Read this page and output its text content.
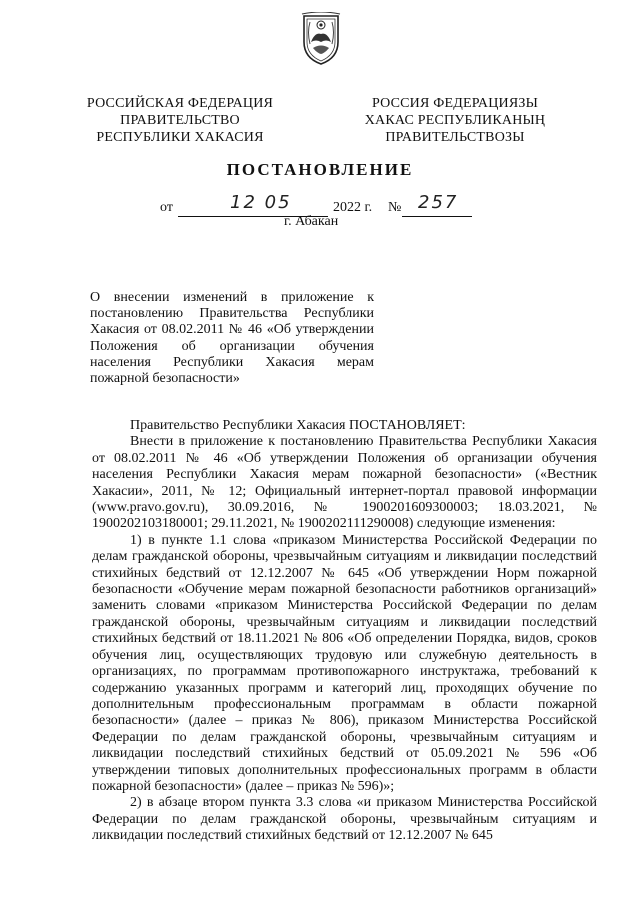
РОССИЙСКАЯ ФЕДЕРАЦИЯ
ПРАВИТЕЛЬСТВО
РЕСПУБЛИКИ ХАКАСИЯ
РОССИЯ ФЕДЕРАЦИЯЗЫ
ХАКАС РЕСПУБЛИКАНЫҢ
ПРАВИТЕЛЬСТВОЗЫ
ПОСТАНОВЛЕНИЕ
от	12 05	2022 г. № 257
г. Абакан
О внесении изменений в приложение к постановлению Правительства Республики Хакасия от 08.02.2011 № 46 «Об утверждении Положения об организации обучения населения Республики Хакасия мерам пожарной безопасности»

Правительство Республики Хакасия ПОСТАНОВЛЯЕТ:

Внести в приложение к постановлению Правительства Республики Хакасия от 08.02.2011 № 46 «Об утверждении Положения об организации обучения населения Республики Хакасия мерам пожарной безопасности» («Вестник Хакасии», 2011, № 12; Официальный интернет-портал правовой информации (www.pravo.gov.ru), 30.09.2016, № 1900201609300003; 18.03.2021, № 1900202103180001; 29.11.2021, № 1900202111290008) следующие изменения:

1) в пункте 1.1 слова «приказом Министерства Российской Федерации по делам гражданской обороны, чрезвычайным ситуациям и ликвидации последствий стихийных бедствий от 12.12.2007 № 645 «Об утверждении Норм пожарной безопасности «Обучение мерам пожарной безопасности работников организаций» заменить словами «приказом Министерства Российской Федерации по делам гражданской обороны, чрезвычайным ситуациям и ликвидации последствий стихийных бедствий от 18.11.2021 № 806 «Об определении Порядка, видов, сроков обучения лиц, осуществляющих трудовую или служебную деятельность в организациях, по программам противопожарного инструктажа, требований к содержанию указанных программ и категорий лиц, проходящих обучение по дополнительным профессиональным программам в области пожарной безопасности» (далее – приказ № 806), приказом Министерства Российской Федерации по делам гражданской обороны, чрезвычайным ситуациям и ликвидации последствий стихийных бедствий от 05.09.2021 № 596 «Об утверждении типовых дополнительных профессиональных программ в области пожарной безопасности» (далее – приказ № 596)»;

2) в абзаце втором пункта 3.3 слова «и приказом Министерства Российской Федерации по делам гражданской обороны, чрезвычайным ситуациям и ликвидации последствий стихийных бедствий от 12.12.2007 № 645
